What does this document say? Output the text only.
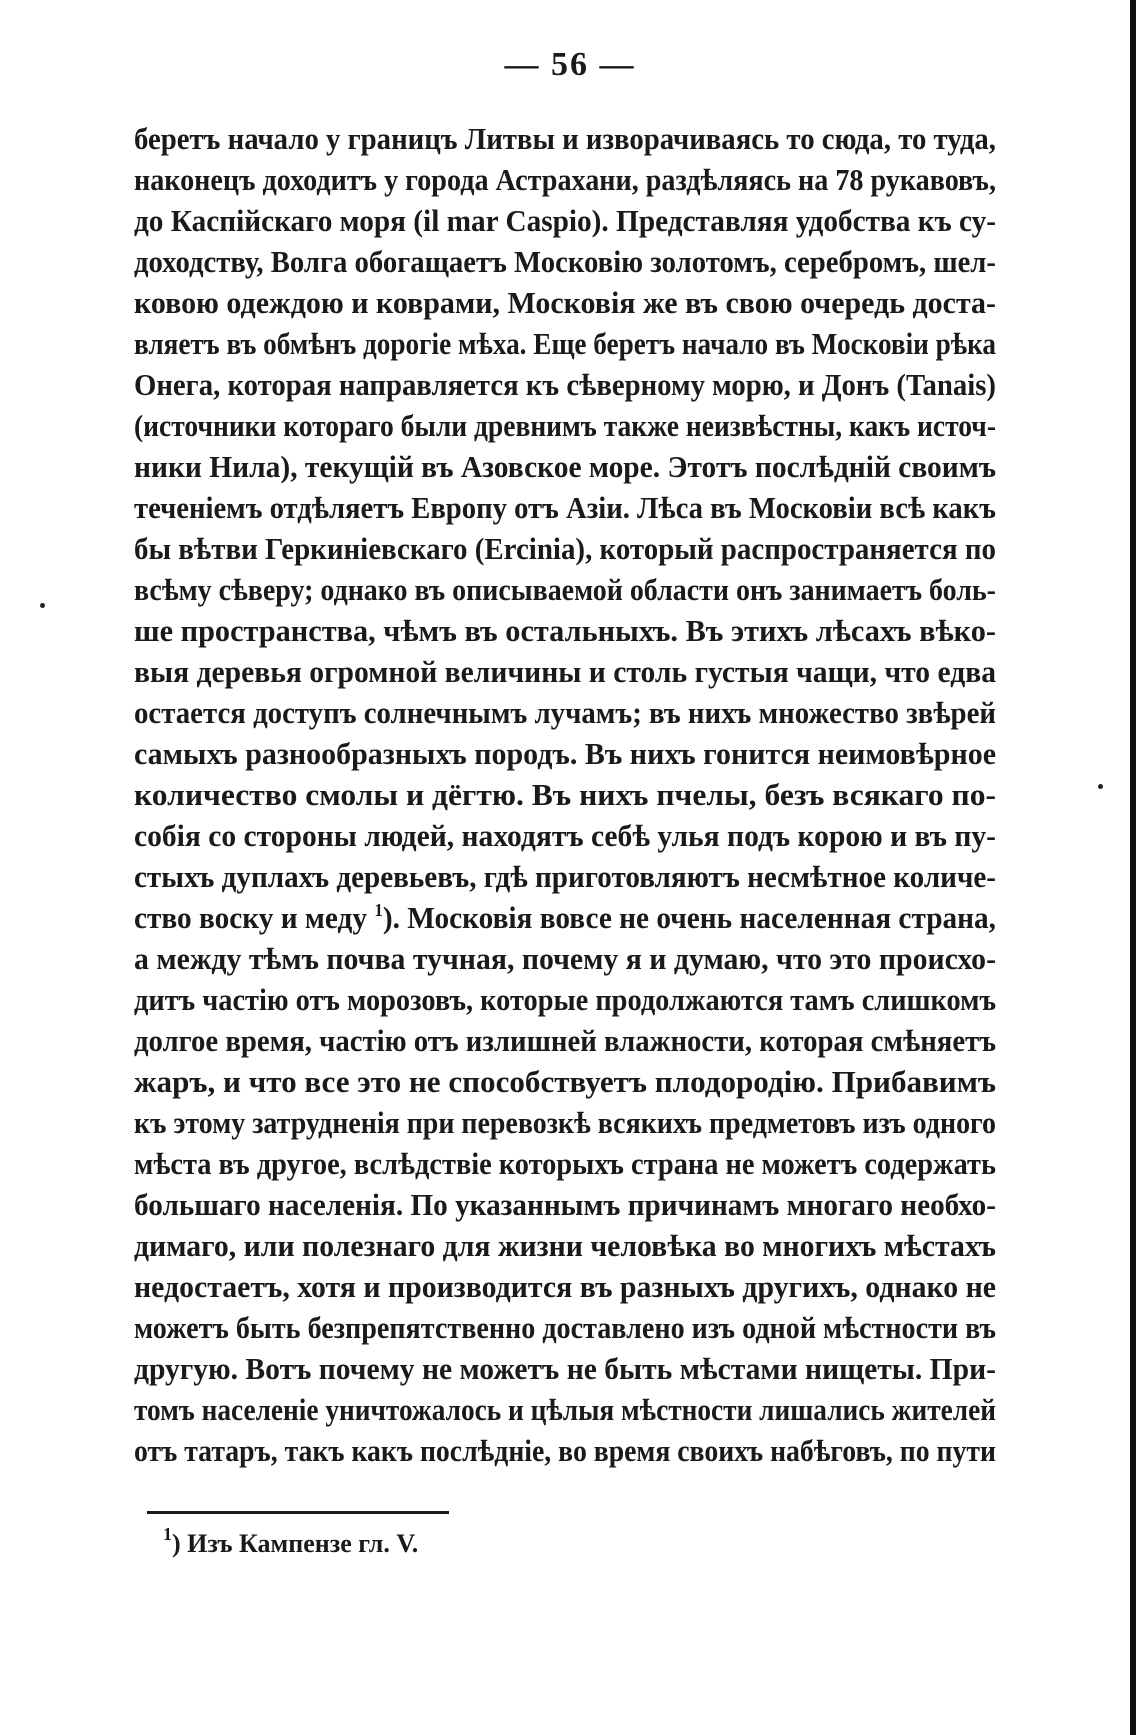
— 56 —
беретъ начало у границъ Литвы и изворачиваясь то сюда, то туда,
наконецъ доходитъ у города Астрахани, раздѣляясь на 78 рукавовъ,
до Каспійскаго моря (il mar Caspio). Представляя удобства къ су-
доходству, Волга обогащаетъ Московію золотомъ, серебромъ, шел-
ковою одеждою и коврами, Московія же въ свою очередь доста-
вляетъ въ обмѣнъ дорогіе мѣха. Еще беретъ начало въ Московіи рѣка
Онега, которая направляется къ сѣверному морю, и Донъ (Tanais)
(источники котораго были древнимъ также неизвѣстны, какъ источ-
ники Нила), текущій въ Азовское море. Этотъ послѣдній своимъ
теченіемъ отдѣляетъ Европу отъ Азіи. Лѣса въ Московіи всѣ какъ
бы вѣтви Геркиніевскаго (Ercinia), который распространяется по
всѣму сѣверу; однако въ описываемой области онъ занимаетъ боль-
ше пространства, чѣмъ въ остальныхъ. Въ этихъ лѣсахъ вѣко-
выя деревья огромной величины и столь густыя чащи, что едва
остается доступъ солнечнымъ лучамъ; въ нихъ множество звѣрей
самыхъ разнообразныхъ породъ. Въ нихъ гонится неимовѣрное
количество смолы и дёгтю. Въ нихъ пчелы, безъ всякаго по-
собія со стороны людей, находятъ себѣ улья подъ корою и въ пу-
стыхъ дуплахъ деревьевъ, гдѣ приготовляютъ несмѣтное количе-
ство воску и меду $^1$). Московія вовсе не очень населенная страна,
а между тѣмъ почва тучная, почему я и думаю, что это происхо-
дитъ частію отъ морозовъ, которые продолжаются тамъ слишкомъ
долгое время, частію отъ излишней влажности, которая смѣняетъ
жаръ, и что все это не способствуетъ плодородію. Прибавимъ
къ этому затрудненія при перевозкѣ всякихъ предметовъ изъ одного
мѣста въ другое, вслѣдствіе которыхъ страна не можетъ содержать
большаго населенія. По указаннымъ причинамъ многаго необхо-
димаго, или полезнаго для жизни человѣка во многихъ мѣстахъ
недостаетъ, хотя и производится въ разныхъ другихъ, однако не
можетъ быть безпрепятственно доставлено изъ одной мѣстности въ
другую. Вотъ почему не можетъ не быть мѣстами нищеты. При-
томъ населеніе уничтожалось и цѣлыя мѣстности лишались жителей
отъ татаръ, такъ какъ послѣдніе, во время своихъ набѣговъ, по пути
$^1$) Изъ Кампензе гл. V.
